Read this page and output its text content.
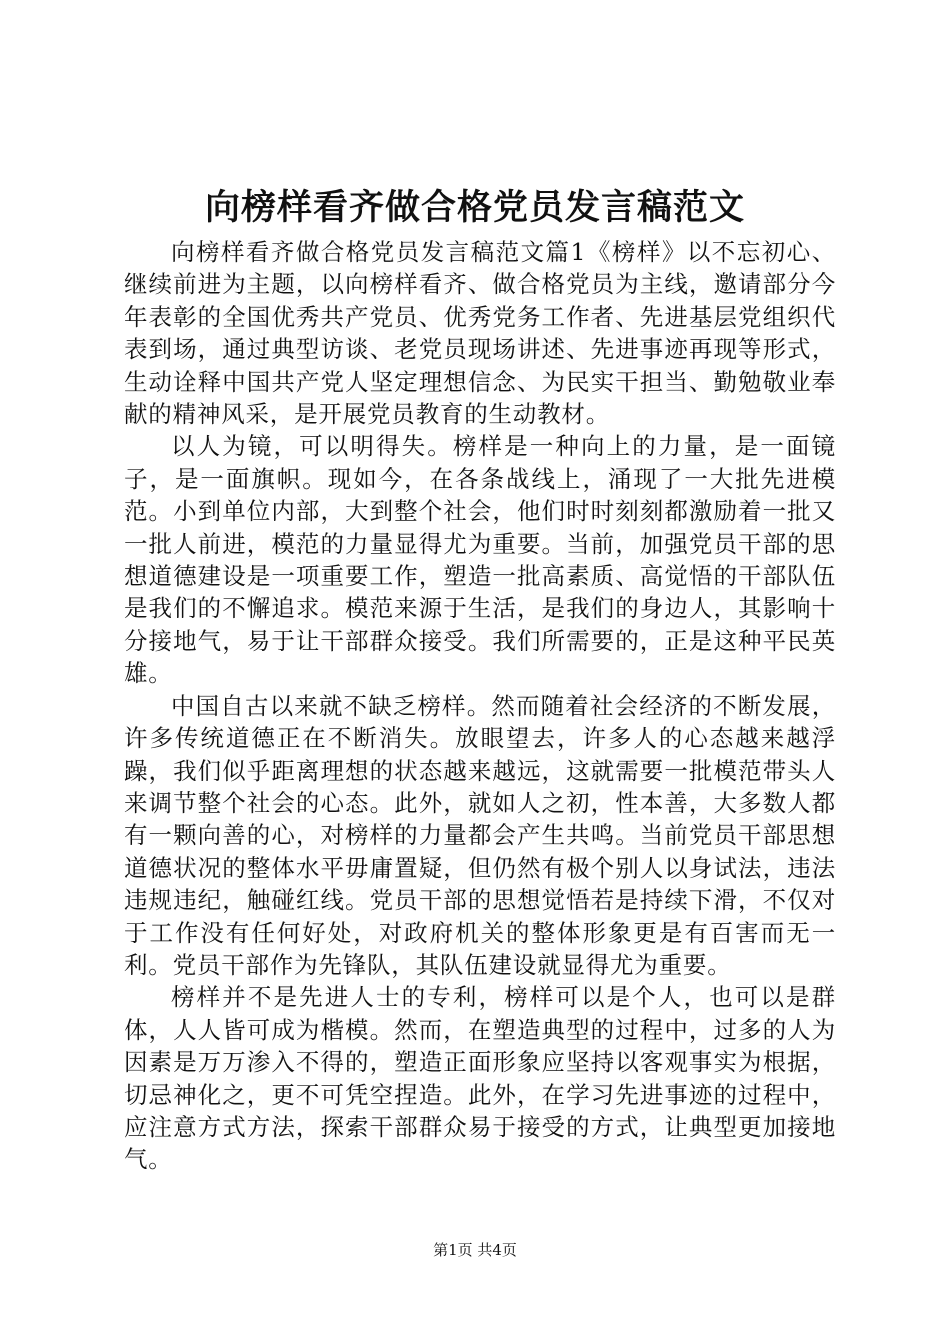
向榜样看齐做合格党员发言稿范文

向榜样看齐做合格党员发言稿范文篇1《榜样》以不忘初心、继续前进为主题，以向榜样看齐、做合格党员为主线，邀请部分今年表彰的全国优秀共产党员、优秀党务工作者、先进基层党组织代表到场，通过典型访谈、老党员现场讲述、先进事迹再现等形式，生动诠释中国共产党人坚定理想信念、为民实干担当、勤勉敬业奉献的精神风采，是开展党员教育的生动教材。

以人为镜，可以明得失。榜样是一种向上的力量，是一面镜子，是一面旗帜。现如今，在各条战线上，涌现了一大批先进模范。小到单位内部，大到整个社会，他们时时刻刻都激励着一批又一批人前进，模范的力量显得尤为重要。当前，加强党员干部的思想道德建设是一项重要工作，塑造一批高素质、高觉悟的干部队伍是我们的不懈追求。模范来源于生活，是我们的身边人，其影响十分接地气，易于让干部群众接受。我们所需要的，正是这种平民英雄。

中国自古以来就不缺乏榜样。然而随着社会经济的不断发展，许多传统道德正在不断消失。放眼望去，许多人的心态越来越浮躁，我们似乎距离理想的状态越来越远，这就需要一批模范带头人来调节整个社会的心态。此外，就如人之初，性本善，大多数人都有一颗向善的心，对榜样的力量都会产生共鸣。当前党员干部思想道德状况的整体水平毋庸置疑，但仍然有极个别人以身试法，违法违规违纪，触碰红线。党员干部的思想觉悟若是持续下滑，不仅对于工作没有任何好处，对政府机关的整体形象更是有百害而无一利。党员干部作为先锋队，其队伍建设就显得尤为重要。

榜样并不是先进人士的专利，榜样可以是个人，也可以是群体，人人皆可成为楷模。然而，在塑造典型的过程中，过多的人为因素是万万渗入不得的，塑造正面形象应坚持以客观事实为根据，切忌神化之，更不可凭空捏造。此外，在学习先进事迹的过程中，应注意方式方法，探索干部群众易于接受的方式，让典型更加接地气。

第1页 共4页
